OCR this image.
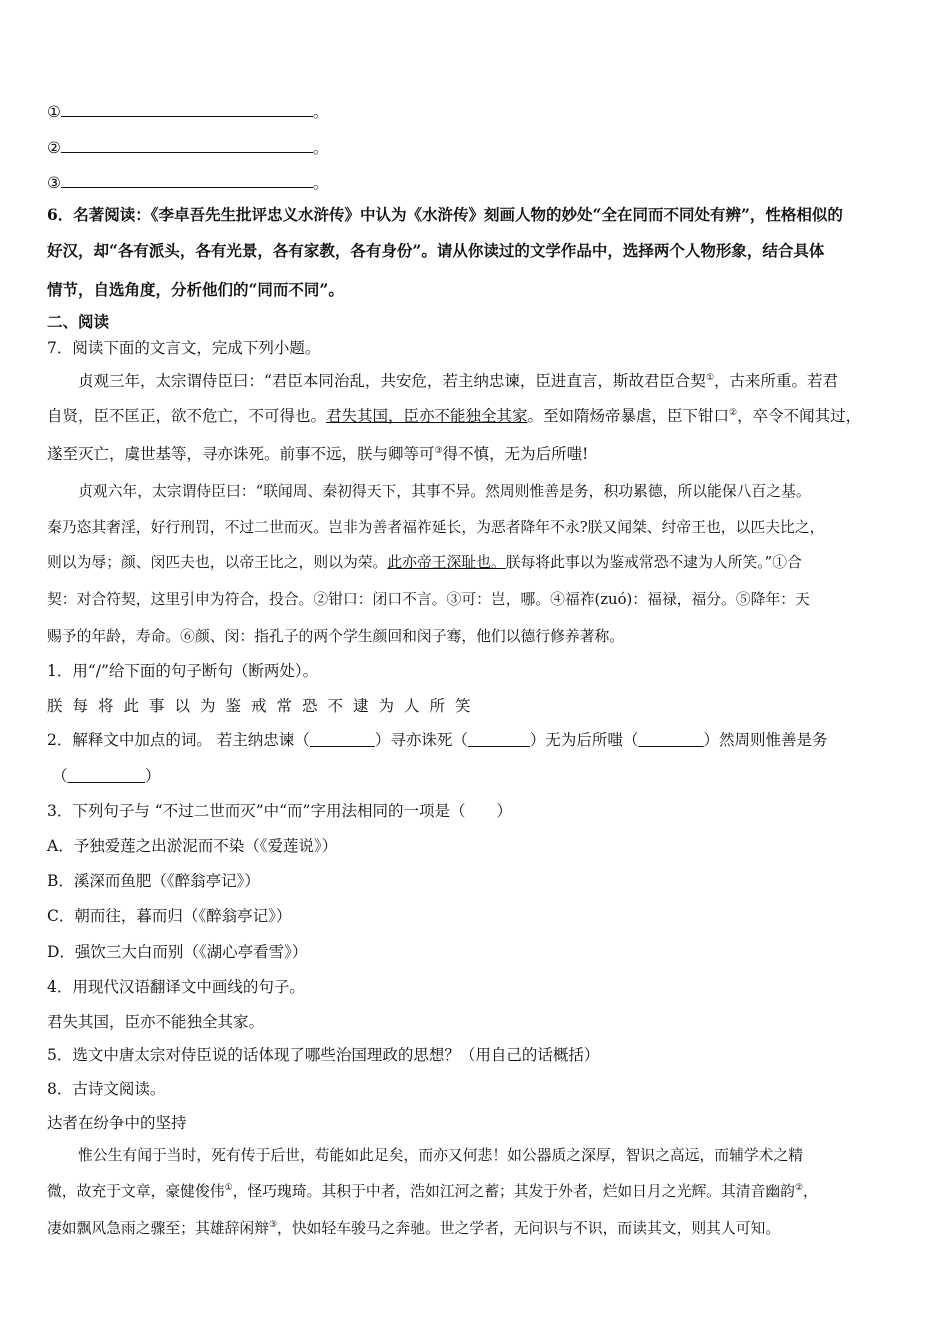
①	。
②	。
③	。
6．名著阅读：《李卓吾先生批评忠义水浒传》中认为《水浒传》刻画人物的妙处“全在同而不同处有辨”，性格相似的
好汉，却“各有派头，各有光景，各有家教，各有身份”。请从你读过的文学作品中，选择两个人物形象，结合具体
情节，自选角度，分析他们的“同而不同”。
二、阅读
7．阅读下面的文言文，完成下列小题。
贞观三年，太宗谓侍臣曰：“君臣本同治乱，共安危，若主纳忠谏，臣进直言，斯故君臣合契①，古来所重。若君
自贤，臣不匡正，欲不危亡，不可得也。君失其国，臣亦不能独全其家。至如隋炀帝暴虐，臣下钳口②，卒令不闻其过，
遂至灭亡，虞世基等，寻亦诛死。前事不远，朕与卿等可③得不慎，无为后所嗤!
贞观六年，太宗谓侍臣曰：“联闻周、秦初得天下，其事不异。然周则惟善是务，积功累德，所以能保八百之基。
秦乃恣其奢淫，好行刑罚，不过二世而灭。岂非为善者福祚延长，为恶者降年不永?朕又闻桀、纣帝王也，以匹夫比之，
则以为辱；颜、闵匹夫也，以帝王比之，则以为荣。此亦帝王深耻也。朕每将此事以为鉴戒常恐不逮为人所笑。”①合
契：对合符契，这里引申为符合，投合。②钳口：闭口不言。③可：岂，哪。④福祚(zuó)：福禄，福分。⑤降年：天
赐予的年龄，寿命。⑥颜、闵：指孔子的两个学生颜回和闵子骞，他们以德行修养著称。
1．用“/”给下面的句子断句（断两处）。
朕每将此事以为鉴戒常恐不逮为人所笑
2．解释文中加点的词。 若主纳忠谏（     	）寻亦诛死（    	）无为后所嗤（     	）然周则惟善是务
（     	）
3．下列句子与 “不过二世而灭”中“而”字用法相同的一项是（　　）
A．予独爱莲之出淤泥而不染（《爱莲说》）
B．溪深而鱼肥（《醉翁亭记》）
C．朝而往，暮而归（《醉翁亭记》）
D．强饮三大白而别（《湖心亭看雪》）
4．用现代汉语翻译文中画线的句子。
君失其国，臣亦不能独全其家。
5．选文中唐太宗对侍臣说的话体现了哪些治国理政的思想？（用自己的话概括）
8．古诗文阅读。
达者在纷争中的坚持
惟公生有闻于当时，死有传于后世，苟能如此足矣，而亦又何悲！如公器质之深厚，智识之高远，而辅学术之精
微，故充于文章，豪健俊伟①，怪巧瑰琦。其积于中者，浩如江河之蓄；其发于外者，烂如日月之光辉。其清音幽韵②，
凄如飘风急雨之骤至；其雄辞闲辩③，快如轻车骏马之奔驰。世之学者，无问识与不识，而读其文，则其人可知。
